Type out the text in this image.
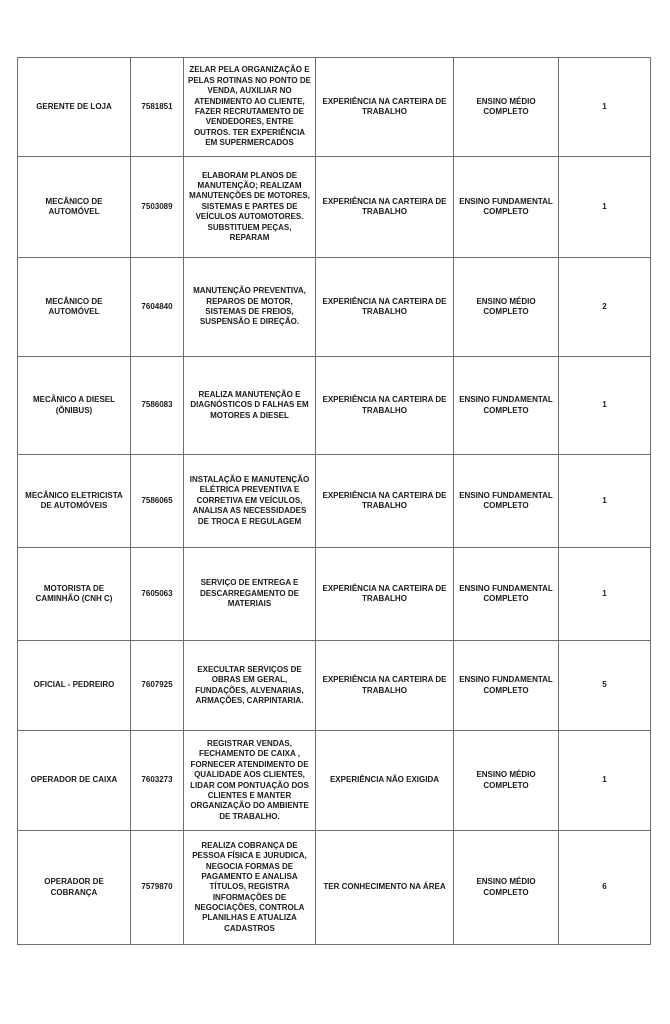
GERENTE DE LOJA	7581851	ZELAR PELA ORGANIZAÇÃO E PELAS ROTINAS NO PONTO DE VENDA, AUXILIAR NO ATENDIMENTO AO CLIENTE, FAZER RECRUTAMENTO DE VENDEDORES, ENTRE OUTROS. TER EXPERIÊNCIA EM SUPERMERCADOS	EXPERIÊNCIA NA CARTEIRA DE TRABALHO	ENSINO MÉDIO COMPLETO	1
MECÂNICO DE AUTOMÓVEL	7503089	ELABORAM PLANOS DE MANUTENÇÃO; REALIZAM MANUTENÇÕES DE MOTORES, SISTEMAS E PARTES DE VEÍCULOS AUTOMOTORES. SUBSTITUEM PEÇAS, REPARAM	EXPERIÊNCIA NA CARTEIRA DE TRABALHO	ENSINO FUNDAMENTAL COMPLETO	1
MECÂNICO DE AUTOMÓVEL	7604840	MANUTENÇÃO PREVENTIVA, REPAROS DE MOTOR, SISTEMAS DE FREIOS, SUSPENSÃO E DIREÇÃO.	EXPERIÊNCIA NA CARTEIRA DE TRABALHO	ENSINO MÉDIO COMPLETO	2
MECÂNICO A DIESEL (ÔNIBUS)	7586083	REALIZA MANUTENÇÃO E DIAGNÓSTICOS D FALHAS EM MOTORES A DIESEL	EXPERIÊNCIA NA CARTEIRA DE TRABALHO	ENSINO FUNDAMENTAL COMPLETO	1
MECÂNICO ELETRICISTA DE AUTOMÓVEIS	7586065	INSTALAÇÃO E MANUTENÇÃO ELÉTRICA PREVENTIVA E CORRETIVA EM VEÍCULOS, ANALISA AS NECESSIDADES DE TROCA E REGULAGEM	EXPERIÊNCIA NA CARTEIRA DE TRABALHO	ENSINO FUNDAMENTAL COMPLETO	1
MOTORISTA DE CAMINHÃO (CNH C)	7605063	SERVIÇO DE ENTREGA E DESCARREGAMENTO DE MATERIAIS	EXPERIÊNCIA NA CARTEIRA DE TRABALHO	ENSINO FUNDAMENTAL COMPLETO	1
OFICIAL - PEDREIRO	7607925	EXECULTAR SERVIÇOS DE OBRAS EM GERAL, FUNDAÇÕES, ALVENARIAS, ARMAÇÕES, CARPINTARIA.	EXPERIÊNCIA NA CARTEIRA DE TRABALHO	ENSINO FUNDAMENTAL COMPLETO	5
OPERADOR DE CAIXA	7603273	REGISTRAR VENDAS, FECHAMENTO DE CAIXA , FORNECER ATENDIMENTO DE QUALIDADE AOS CLIENTES, LIDAR COM PONTUAÇÃO DOS CLIENTES E MANTER ORGANIZAÇÃO DO AMBIENTE DE TRABALHO.	EXPERIÊNCIA NÃO EXIGIDA	ENSINO MÉDIO COMPLETO	1
OPERADOR DE COBRANÇA	7579870	REALIZA COBRANÇA DE PESSOA FÍSICA E JURUDICA, NEGOCIA FORMAS DE PAGAMENTO E ANALISA TÍTULOS, REGISTRA INFORMAÇÕES DE NEGOCIAÇÕES, CONTROLA PLANILHAS E ATUALIZA CADASTROS	TER CONHECIMENTO NA ÁREA	ENSINO MÉDIO COMPLETO	6
